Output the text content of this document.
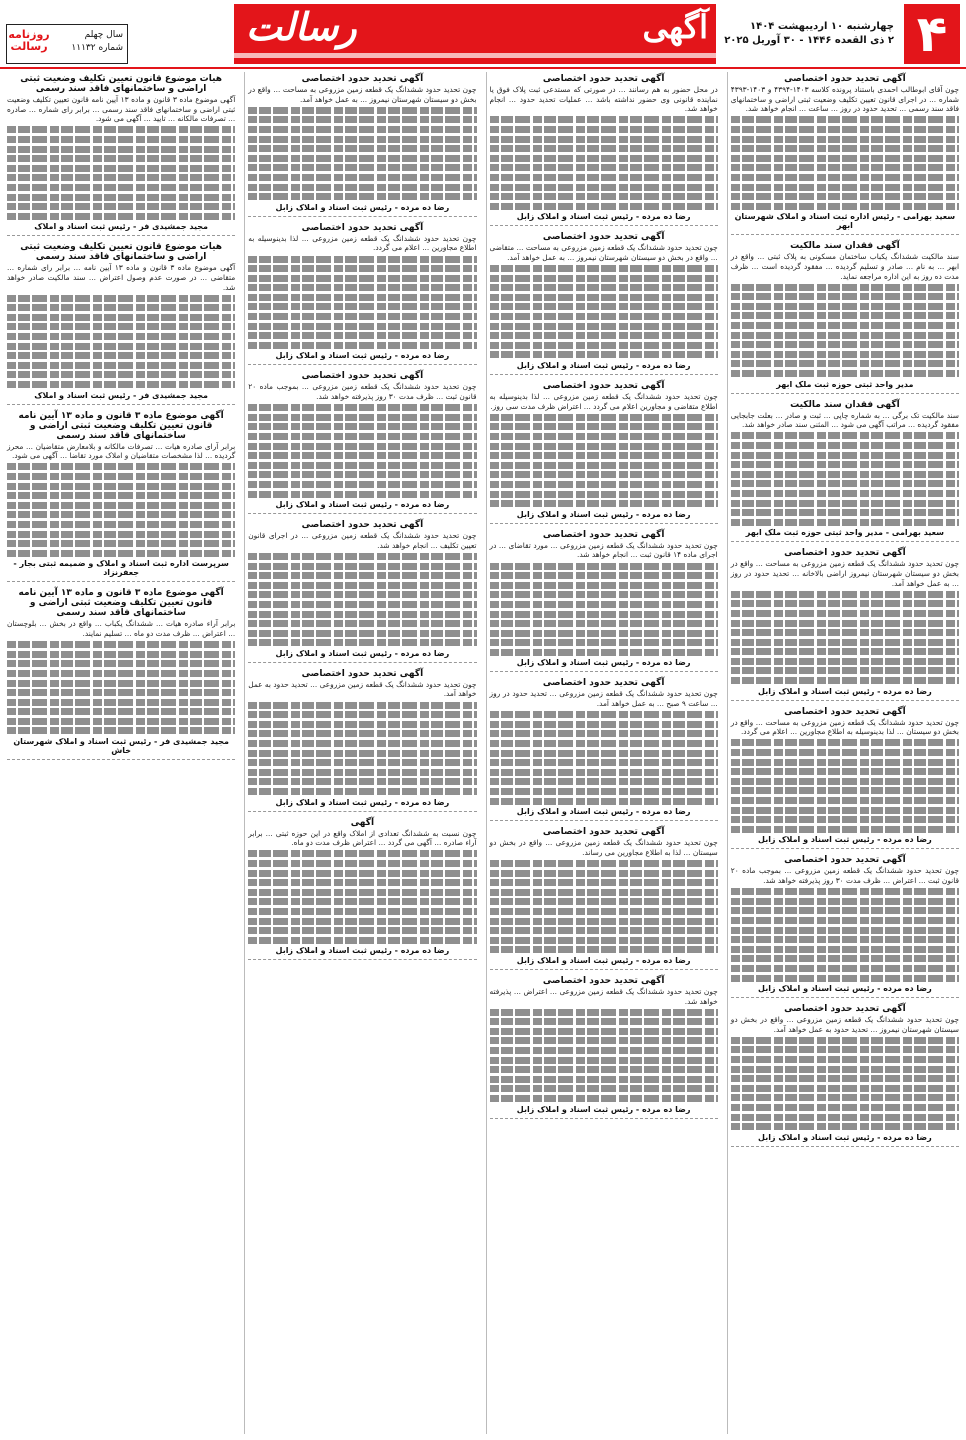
۴
چهارشنبه ۱۰ اردیبهشت ۱۴۰۴
۲ ذی القعده ۱۴۴۶ - ۳۰ آوریل ۲۰۲۵
آگهی
رسالت
روزنامه رسالت
سال چهلم
شماره ۱۱۱۳۲
آگهی تحدید حدود اختصاصی
چون آقای ابوطالب احمدی باستناد پرونده کلاسه ۱۴۰۳-۴۳۹۴ و ۱۴۰۳-۴۳۹۳ شماره ... در اجرای قانون تعیین تکلیف وضعیت ثبتی اراضی و ساختمانهای فاقد سند رسمی ... تحدید حدود در روز ... ساعت ... انجام خواهد شد.
سعید بهرامی - رئیس اداره ثبت اسناد و املاک شهرستان ابهر
آگهی فقدان سند مالکیت
سند مالکیت ششدانگ یکباب ساختمان مسکونی به پلاک ثبتی ... واقع در ابهر ... به نام ... صادر و تسلیم گردیده ... مفقود گردیده است ... ظرف مدت ده روز به این اداره مراجعه نماید.
مدیر واحد ثبتی حوزه ثبت ملک ابهر
آگهی فقدان سند مالکیت
سند مالکیت تک برگی ... به شماره چاپی ... ثبت و صادر ... بعلت جابجایی مفقود گردیده ... مراتب آگهی می شود ... المثنی سند صادر خواهد شد.
سعید بهرامی - مدیر واحد ثبتی حوزه ثبت ملک ابهر
آگهی تحدید حدود اختصاصی
چون تحدید حدود ششدانگ یک قطعه زمین مزروعی به مساحت ... واقع در بخش دو سیستان شهرستان نیمروز اراضی بالاخانه ... تحدید حدود در روز ... به عمل خواهد آمد.
رضا ده مرده - رئیس ثبت اسناد و املاک زابل
آگهی تحدید حدود اختصاصی
چون تحدید حدود ششدانگ یک قطعه زمین مزروعی به مساحت ... واقع در بخش دو سیستان ... لذا بدینوسیله به اطلاع مجاورین ... اعلام می گردد.
رضا ده مرده - رئیس ثبت اسناد و املاک زابل
آگهی تحدید حدود اختصاصی
چون تحدید حدود ششدانگ یک قطعه زمین مزروعی ... بموجب ماده ۲۰ قانون ثبت ... اعتراض ... ظرف مدت ۳۰ روز پذیرفته خواهد شد.
رضا ده مرده - رئیس ثبت اسناد و املاک زابل
آگهی تحدید حدود اختصاصی
چون تحدید حدود ششدانگ یک قطعه زمین مزروعی ... واقع در بخش دو سیستان شهرستان نیمروز ... تحدید حدود به عمل خواهد آمد.
رضا ده مرده - رئیس ثبت اسناد و املاک زابل
آگهی تحدید حدود اختصاصی
در محل حضور به هم رسانند ... در صورتی که مستدعی ثبت پلاک فوق یا نماینده قانونی وی حضور نداشته باشد ... عملیات تحدید حدود ... انجام خواهد شد.
رضا ده مرده - رئیس ثبت اسناد و املاک زابل
آگهی تحدید حدود اختصاصی
چون تحدید حدود ششدانگ یک قطعه زمین مزروعی به مساحت ... متقاضی ... واقع در بخش دو سیستان شهرستان نیمروز ... به عمل خواهد آمد.
رضا ده مرده - رئیس ثبت اسناد و املاک زابل
آگهی تحدید حدود اختصاصی
چون تحدید حدود ششدانگ یک قطعه زمین مزروعی ... لذا بدینوسیله به اطلاع متقاضی و مجاورین اعلام می گردد ... اعتراض ظرف مدت سی روز.
رضا ده مرده - رئیس ثبت اسناد و املاک زابل
آگهی تحدید حدود اختصاصی
چون تحدید حدود ششدانگ یک قطعه زمین مزروعی ... مورد تقاضای ... در اجرای ماده ۱۴ قانون ثبت ... انجام خواهد شد.
رضا ده مرده - رئیس ثبت اسناد و املاک زابل
آگهی تحدید حدود اختصاصی
چون تحدید حدود ششدانگ یک قطعه زمین مزروعی ... تحدید حدود در روز ... ساعت ۹ صبح ... به عمل خواهد آمد.
رضا ده مرده - رئیس ثبت اسناد و املاک زابل
آگهی تحدید حدود اختصاصی
چون تحدید حدود ششدانگ یک قطعه زمین مزروعی ... واقع در بخش دو سیستان ... لذا به اطلاع مجاورین می رساند.
رضا ده مرده - رئیس ثبت اسناد و املاک زابل
آگهی تحدید حدود اختصاصی
چون تحدید حدود ششدانگ یک قطعه زمین مزروعی ... اعتراض ... پذیرفته خواهد شد.
رضا ده مرده - رئیس ثبت اسناد و املاک زابل
آگهی تحدید حدود اختصاصی
چون تحدید حدود ششدانگ یک قطعه زمین مزروعی به مساحت ... واقع در بخش دو سیستان شهرستان نیمروز ... به عمل خواهد آمد.
رضا ده مرده - رئیس ثبت اسناد و املاک زابل
آگهی تحدید حدود اختصاصی
چون تحدید حدود ششدانگ یک قطعه زمین مزروعی ... لذا بدینوسیله به اطلاع مجاورین ... اعلام می گردد.
رضا ده مرده - رئیس ثبت اسناد و املاک زابل
آگهی تحدید حدود اختصاصی
چون تحدید حدود ششدانگ یک قطعه زمین مزروعی ... بموجب ماده ۲۰ قانون ثبت ... ظرف مدت ۳۰ روز پذیرفته خواهد شد.
رضا ده مرده - رئیس ثبت اسناد و املاک زابل
آگهی تحدید حدود اختصاصی
چون تحدید حدود ششدانگ یک قطعه زمین مزروعی ... در اجرای قانون تعیین تکلیف ... انجام خواهد شد.
رضا ده مرده - رئیس ثبت اسناد و املاک زابل
آگهی تحدید حدود اختصاصی
چون تحدید حدود ششدانگ یک قطعه زمین مزروعی ... تحدید حدود به عمل خواهد آمد.
رضا ده مرده - رئیس ثبت اسناد و املاک زابل
آگهی
چون نسبت به ششدانگ تعدادی از املاک واقع در این حوزه ثبتی ... برابر آراء صادره ... آگهی می گردد ... اعتراض ظرف مدت دو ماه.
رضا ده مرده - رئیس ثبت اسناد و املاک زابل
هیات موضوع قانون تعیین تکلیف وضعیت ثبتی اراضی و ساختمانهای فاقد سند رسمی
آگهی موضوع ماده ۳ قانون و ماده ۱۳ آیین نامه قانون تعیین تکلیف وضعیت ثبتی اراضی و ساختمانهای فاقد سند رسمی ... برابر رای شماره ... صادره ... تصرفات مالکانه ... تایید ... آگهی می شود.
مجید جمشیدی فر - رئیس ثبت اسناد و املاک
هیات موضوع قانون تعیین تکلیف وضعیت ثبتی اراضی و ساختمانهای فاقد سند رسمی
آگهی موضوع ماده ۳ قانون و ماده ۱۳ آیین نامه ... برابر رای شماره ... متقاضی ... در صورت عدم وصول اعتراض ... سند مالکیت صادر خواهد شد.
مجید جمشیدی فر - رئیس ثبت اسناد و املاک
آگهی موضوع ماده ۳ قانون و ماده ۱۳ آیین نامه قانون تعیین تکلیف وضعیت ثبتی اراضی و ساختمانهای فاقد سند رسمی
برابر آرای صادره هیات ... تصرفات مالکانه و بلامعارض متقاضیان ... محرز گردیده ... لذا مشخصات متقاضیان و املاک مورد تقاضا ... آگهی می شود.
سرپرست اداره ثبت اسناد و املاک و ضمیمه ثبتی بجار - جعفرنزاد
آگهی موضوع ماده ۳ قانون و ماده ۱۳ آیین نامه قانون تعیین تکلیف وضعیت ثبتی اراضی و ساختمانهای فاقد سند رسمی
برابر آراء صادره هیات ... ششدانگ یکباب ... واقع در بخش ... بلوچستان ... اعتراض ... ظرف مدت دو ماه ... تسلیم نمایند.
مجید جمشیدی فر - رئیس ثبت اسناد و املاک شهرستان خاش
